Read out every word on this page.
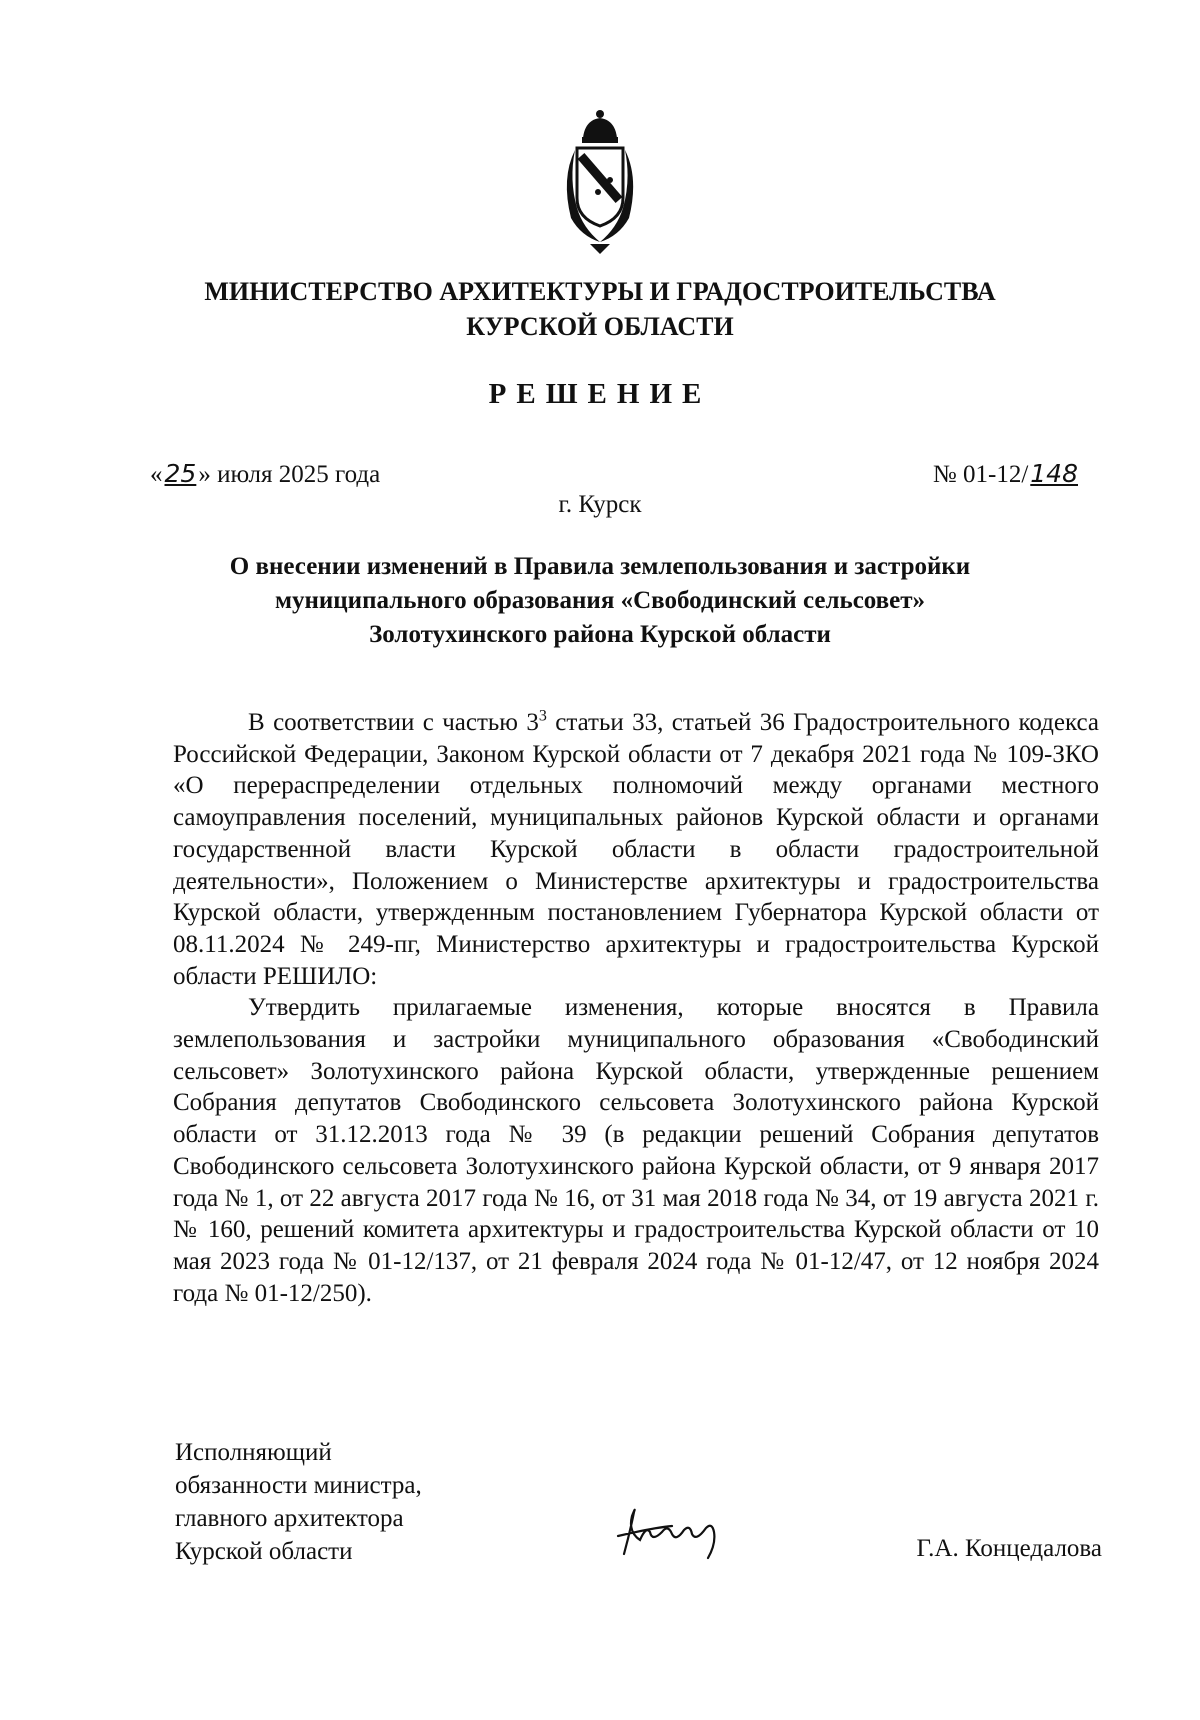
МИНИСТЕРСТВО АРХИТЕКТУРЫ И ГРАДОСТРОИТЕЛЬСТВА
КУРСКОЙ ОБЛАСТИ
РЕШЕНИЕ
«25» июля 2025 года	№ 01-12/148
г. Курск
О внесении изменений в Правила землепользования и застройки
муниципального образования «Свободинский сельсовет»
Золотухинского района Курской области

В соответствии с частью $3^3$ статьи 33, статьей 36 Градостроительного кодекса Российской Федерации, Законом Курской области от 7 декабря 2021 года № 109-ЗКО «О перераспределении отдельных полномочий между органами местного самоуправления поселений, муниципальных районов Курской области и органами государственной власти Курской области в области градостроительной деятельности», Положением о Министерстве архитектуры и градостроительства Курской области, утвержденным постановлением Губернатора Курской области от 08.11.2024 № 249-пг, Министерство архитектуры и градостроительства Курской области РЕШИЛО:

Утвердить прилагаемые изменения, которые вносятся в Правила землепользования и застройки муниципального образования «Свободинский сельсовет» Золотухинского района Курской области, утвержденные решением Собрания депутатов Свободинского сельсовета Золотухинского района Курской области от 31.12.2013 года № 39 (в редакции решений Собрания депутатов Свободинского сельсовета Золотухинского района Курской области, от 9 января 2017 года № 1, от 22 августа 2017 года № 16, от 31 мая 2018 года № 34, от 19 августа 2021 г. № 160, решений комитета архитектуры и градостроительства Курской области от 10 мая 2023 года № 01-12/137, от 21 февраля 2024 года № 01-12/47, от 12 ноября 2024 года № 01-12/250).

Исполняющий
обязанности министра,
главного архитектора
Курской области	Г.А. Концедалова
